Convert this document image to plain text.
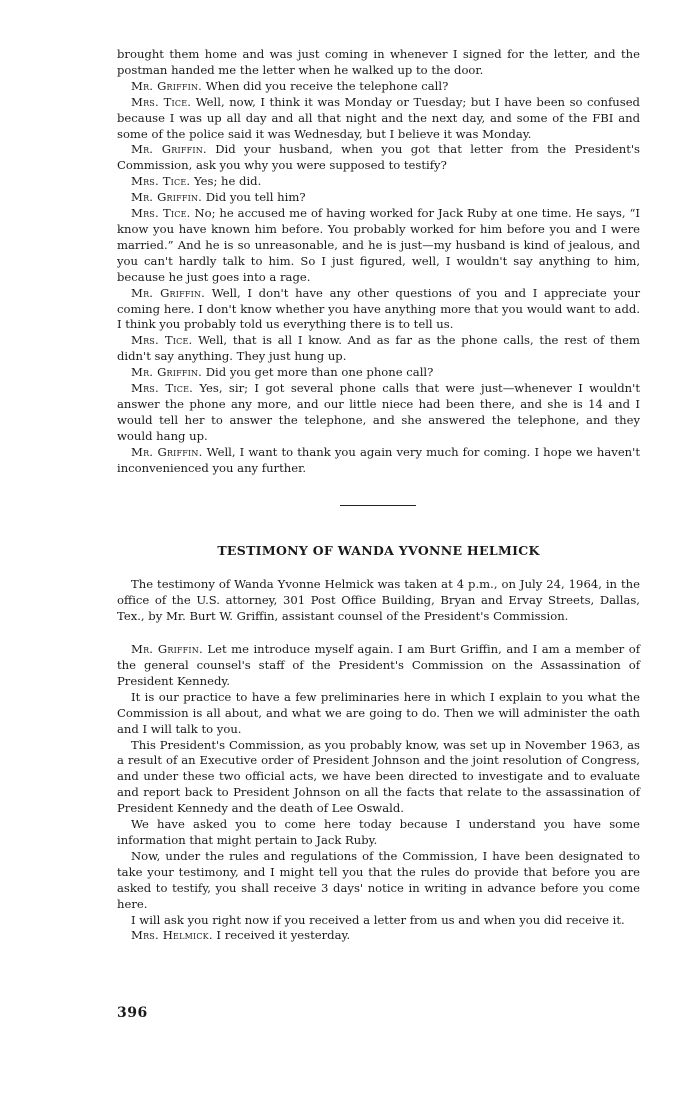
brought them home and was just coming in whenever I signed for the letter, and the postman handed me the letter when he walked up to the door.

Mr. Griffin. When did you receive the telephone call?

Mrs. Tice. Well, now, I think it was Monday or Tuesday; but I have been so confused because I was up all day and all that night and the next day, and some of the FBI and some of the police said it was Wednesday, but I believe it was Monday.

Mr. Griffin. Did your husband, when you got that letter from the President's Commission, ask you why you were supposed to testify?

Mrs. Tice. Yes; he did.

Mr. Griffin. Did you tell him?

Mrs. Tice. No; he accused me of having worked for Jack Ruby at one time. He says, “I know you have known him before. You probably worked for him before you and I were married.” And he is so unreasonable, and he is just—my husband is kind of jealous, and you can't hardly talk to him. So I just figured, well, I wouldn't say anything to him, because he just goes into a rage.

Mr. Griffin. Well, I don't have any other questions of you and I appreciate your coming here. I don't know whether you have anything more that you would want to add. I think you probably told us everything there is to tell us.

Mrs. Tice. Well, that is all I know. And as far as the phone calls, the rest of them didn't say anything. They just hung up.

Mr. Griffin. Did you get more than one phone call?

Mrs. Tice. Yes, sir; I got several phone calls that were just—whenever I wouldn't answer the phone any more, and our little niece had been there, and she is 14 and I would tell her to answer the telephone, and she answered the telephone, and they would hang up.

Mr. Griffin. Well, I want to thank you again very much for coming. I hope we haven't inconvenienced you any further.

TESTIMONY OF WANDA YVONNE HELMICK

The testimony of Wanda Yvonne Helmick was taken at 4 p.m., on July 24, 1964, in the office of the U.S. attorney, 301 Post Office Building, Bryan and Ervay Streets, Dallas, Tex., by Mr. Burt W. Griffin, assistant counsel of the President's Commission.

Mr. Griffin. Let me introduce myself again. I am Burt Griffin, and I am a member of the general counsel's staff of the President's Commission on the Assassination of President Kennedy.

It is our practice to have a few preliminaries here in which I explain to you what the Commission is all about, and what we are going to do. Then we will administer the oath and I will talk to you.

This President's Commission, as you probably know, was set up in November 1963, as a result of an Executive order of President Johnson and the joint resolution of Congress, and under these two official acts, we have been directed to investigate and to evaluate and report back to President Johnson on all the facts that relate to the assassination of President Kennedy and the death of Lee Oswald.

We have asked you to come here today because I understand you have some information that might pertain to Jack Ruby.

Now, under the rules and regulations of the Commission, I have been designated to take your testimony, and I might tell you that the rules do provide that before you are asked to testify, you shall receive 3 days' notice in writing in advance before you come here.

I will ask you right now if you received a letter from us and when you did receive it.

Mrs. Helmick. I received it yesterday.

396
